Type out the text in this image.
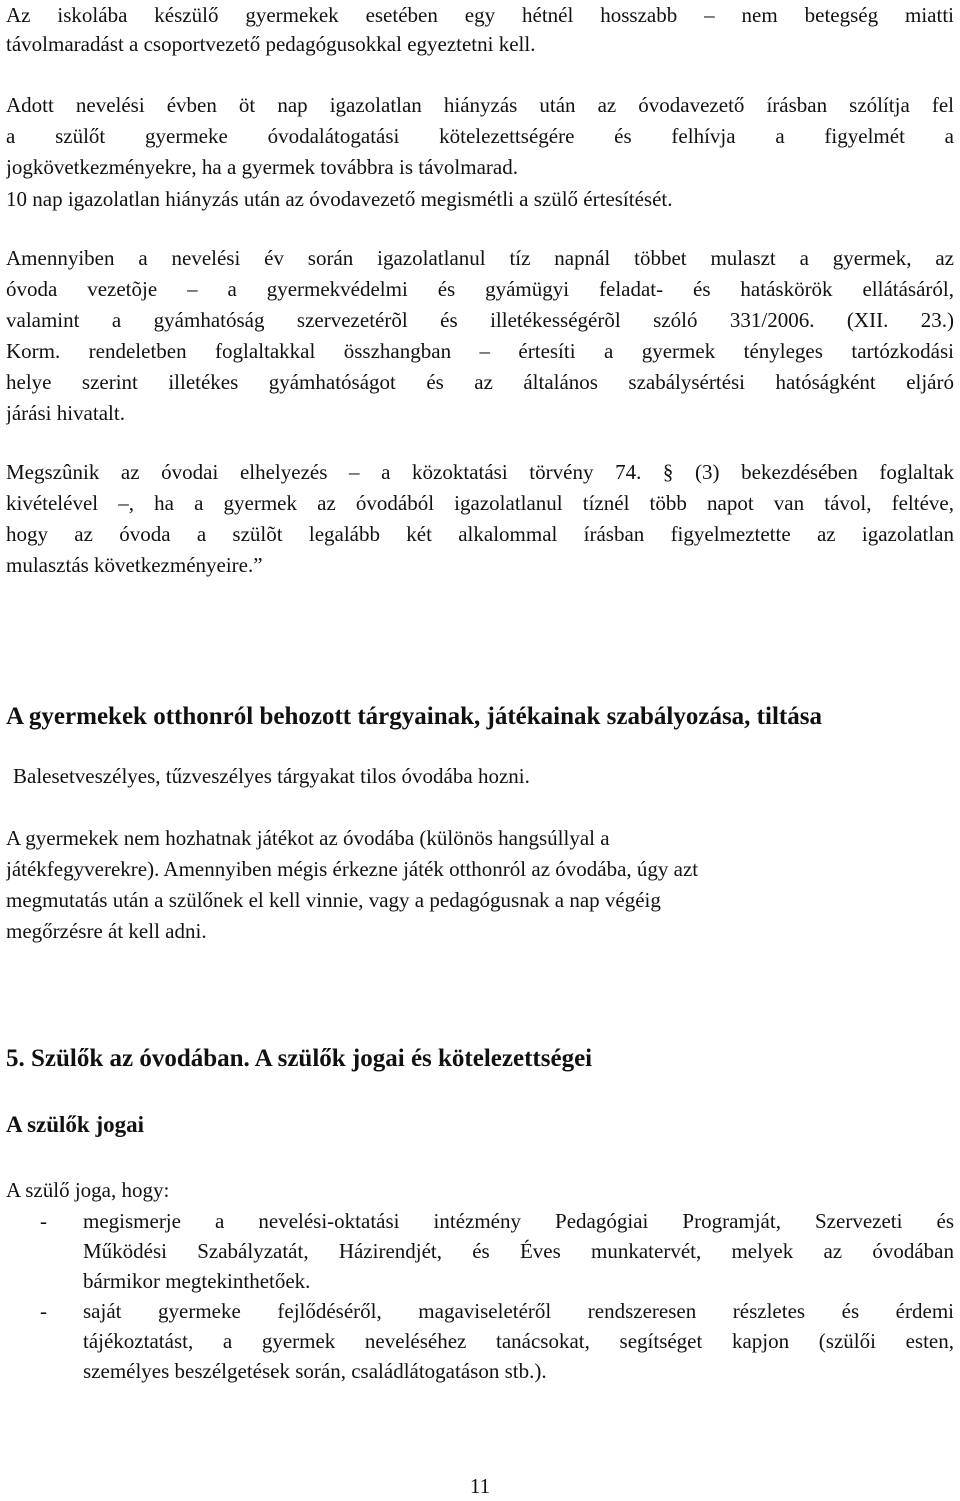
Az iskolába készülő gyermekek esetében egy hétnél hosszabb – nem betegség miatti
távolmaradást a csoportvezető pedagógusokkal egyeztetni kell.
Adott nevelési évben öt nap igazolatlan hiányzás után az óvodavezető írásban szólítja fel
a szülőt gyermeke óvodalátogatási kötelezettségére és felhívja a figyelmét a
jogkövetkezményekre, ha a gyermek továbbra is távolmarad.
10 nap igazolatlan hiányzás után az óvodavezető megismétli a szülő értesítését.
Amennyiben a nevelési év során igazolatlanul tíz napnál többet mulaszt a gyermek, az
óvoda vezetõje – a gyermekvédelmi és gyámügyi feladat- és hatáskörök ellátásáról,
valamint a gyámhatóság szervezetérõl és illetékességérõl szóló 331/2006. (XII. 23.)
Korm. rendeletben foglaltakkal összhangban – értesíti a gyermek tényleges tartózkodási
helye szerint illetékes gyámhatóságot és az általános szabálysértési hatóságként eljáró
járási hivatalt.
Megszûnik az óvodai elhelyezés – a közoktatási törvény 74. § (3) bekezdésében foglaltak
kivételével –, ha a gyermek az óvodából igazolatlanul tíznél több napot van távol, feltéve,
hogy az óvoda a szülõt legalább két alkalommal írásban figyelmeztette az igazolatlan
mulasztás következményeire.”
A gyermekek otthonról behozott tárgyainak, játékainak szabályozása, tiltása
Balesetveszélyes, tűzveszélyes tárgyakat tilos óvodába hozni.
A gyermekek nem hozhatnak játékot az óvodába (különös hangsúllyal a
játékfegyverekre). Amennyiben mégis érkezne játék otthonról az óvodába, úgy azt
megmutatás után a szülőnek el kell vinnie, vagy a pedagógusnak a nap végéig
megőrzésre át kell adni.
5. Szülők az óvodában. A szülők jogai és kötelezettségei
A szülők jogai
A szülő joga, hogy:
- megismerje a nevelési-oktatási intézmény Pedagógiai Programját, Szervezeti és
Működési Szabályzatát, Házirendjét, és Éves munkatervét, melyek az óvodában
bármikor megtekinthetőek.
- saját gyermeke fejlődéséről, magaviseletéről rendszeresen részletes és érdemi
tájékoztatást, a gyermek neveléséhez tanácsokat, segítséget kapjon (szülői esten,
személyes beszélgetések során, családlátogatáson stb.).
11
